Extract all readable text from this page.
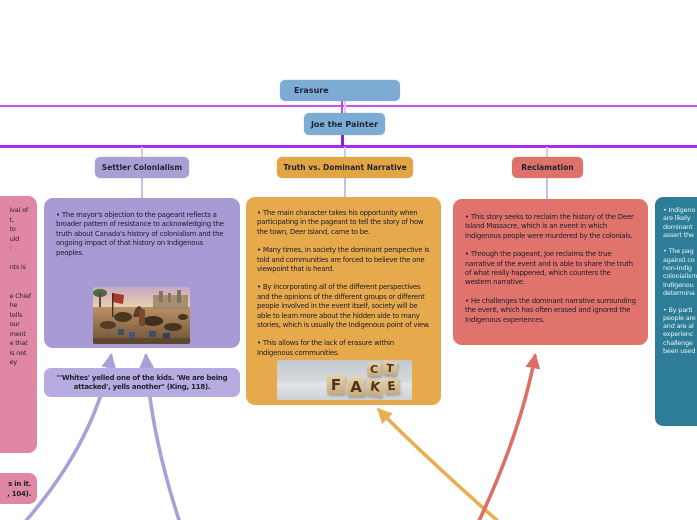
Erasure
Joe the Painter
Settler Colonialism	Truth vs. Dominant Narrative	Reclamation

• The mayor's objection to the pageant reflects a broader pattern of resistance to acknowledging the truth about Canada's history of colonialism and the ongoing impact of that history on Indigenous peoples.

"'Whites' yelled one of the kids. 'We are being attacked', yells another" (King, 118).

• The main character takes his opportunity when participating in the pageant to tell the story of how the town, Deer Island, came to be.

• Many times, in society the dominant perspective is told and communities are forced to believe the one viewpoint that is heard.

• By incorporating all of the different perspectives and the opinions of the different groups or different people involved in the event itself, society will be able to learn more about the hidden side to many stories, which is usually the Indigenous point of view.

• This allows for the lack of erasure within Indigenous communities.

F A K E
C T

• This story seeks to reclaim the history of the Deer Island Massacre, which is an event in which Indigenous people were murdered by the colonials.

• Through the pageant, Joe reclaims the true narrative of the event and is able to share the truth of what really happened, which counters the western narrative.

• He challenges the dominant narrative surrounding the event, which has often erased and ignored the Indigenous experiences.

ival of
t,
to
uld
:
nts is
e Chief
he
tells
our
ment
e that
is not
ey
s in it.
, 104).
• Indigeno
are likely
dominant
assert the
• The pag
against co
non-Indig
colonialism
Indigenou
determina
• By parti
people are
and are al
experienc
challenge
been used
